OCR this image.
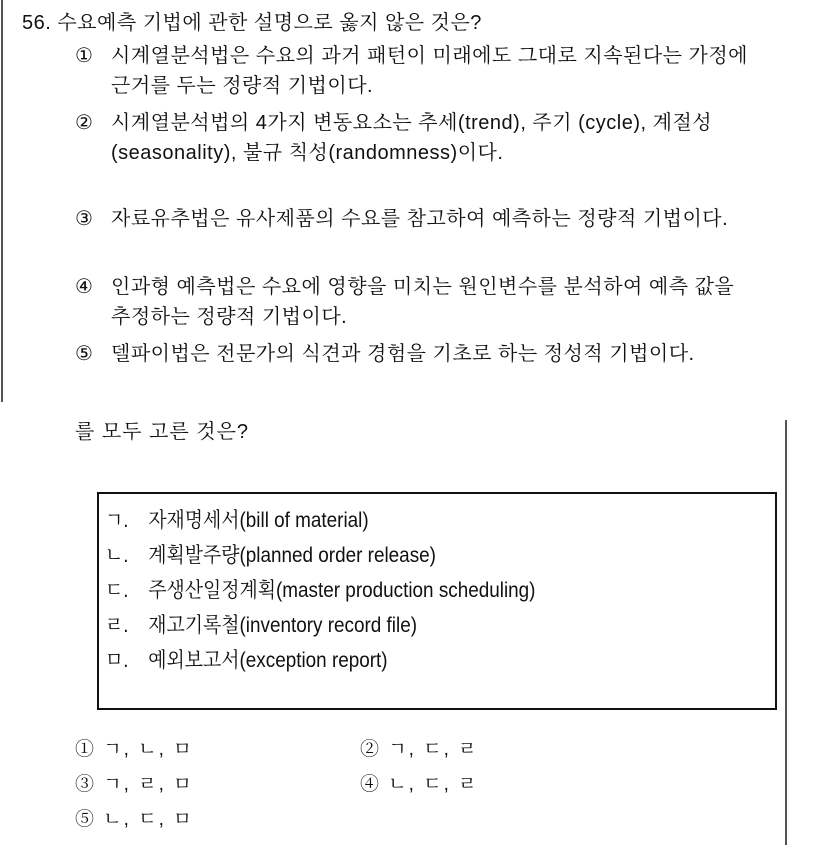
56. 수요예측 기법에 관한 설명으로 옳지 않은 것은?
① 시계열분석법은 수요의 과거 패턴이 미래에도 그대로 지속된다는 가정에 근거를 두는 정량적 기법이다.
② 시계열분석법의 4가지 변동요소는 추세(trend), 주기 (cycle), 계절성(seasonality), 불규 칙성(randomness)이다.
③ 자료유추법은 유사제품의 수요를 참고하여 예측하는 정량적 기법이다.
④ 인과형 예측법은 수요에 영향을 미치는 원인변수를 분석하여 예측 값을 추정하는 정량적 기법이다.
⑤ 델파이법은 전문가의 식견과 경험을 기초로 하는 정성적 기법이다.
를 모두 고른 것은?
ㄱ. 자재명세서(bill of material)
ㄴ. 계획발주량(planned order release)
ㄷ. 주생산일정계획(master production scheduling)
ㄹ. 재고기록철(inventory record file)
ㅁ. 예외보고서(exception report)
① ㄱ, ㄴ, ㅁ	② ㄱ, ㄷ, ㄹ
③ ㄱ, ㄹ, ㅁ	④ ㄴ, ㄷ, ㄹ
⑤ ㄴ, ㄷ, ㅁ
